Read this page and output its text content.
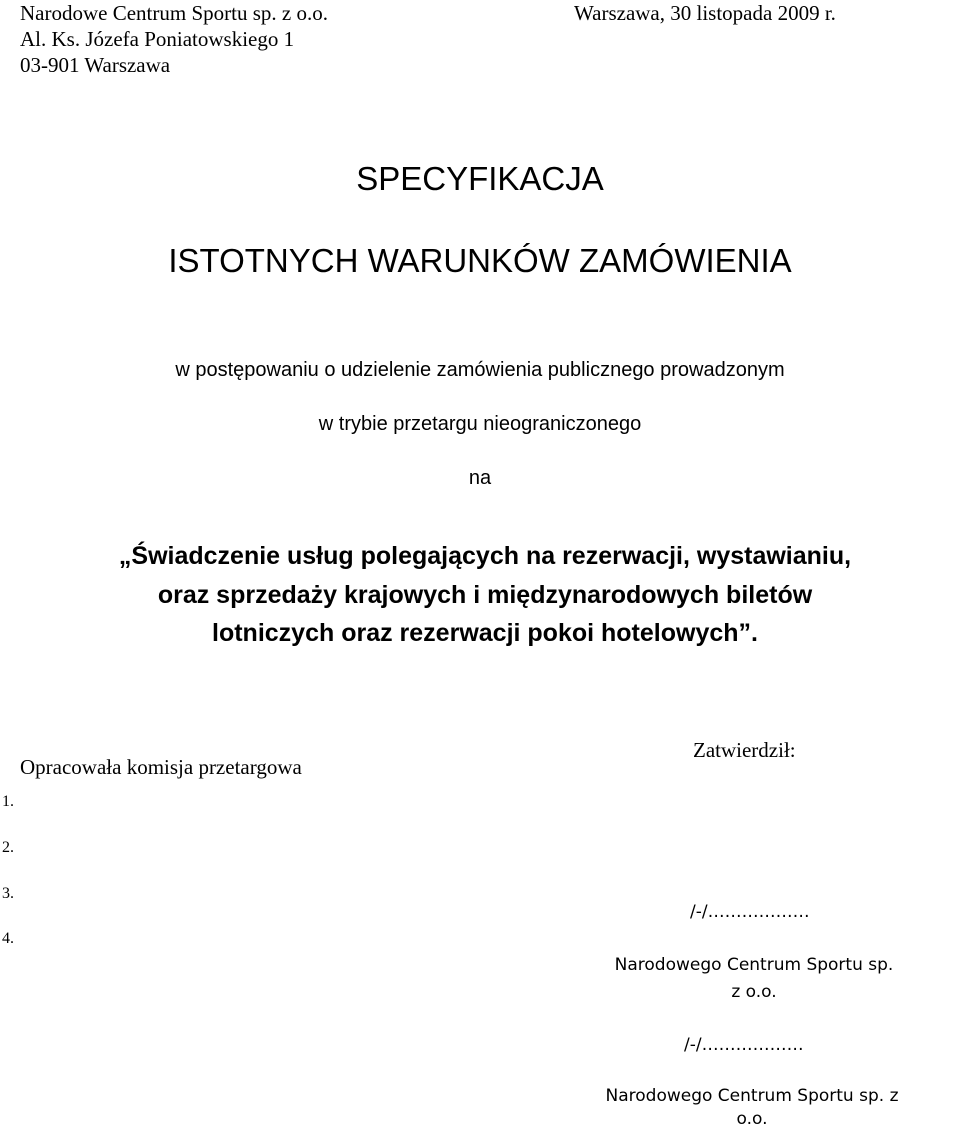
Narodowe Centrum Sportu sp. z o.o.
Al. Ks. Józefa Poniatowskiego 1
03-901 Warszawa
Warszawa, 30 listopada 2009 r.
SPECYFIKACJA
ISTOTNYCH WARUNKÓW ZAMÓWIENIA
w postępowaniu o udzielenie zamówienia publicznego prowadzonym
w trybie przetargu nieograniczonego
na
„Świadczenie usług polegających na rezerwacji, wystawianiu,
oraz sprzedaży krajowych i międzynarodowych biletów
lotniczych oraz rezerwacji pokoi hotelowych”.
Opracowała komisja przetargowa
1.
2.
3.
4.
Zatwierdził:
/-/………………
Narodowego Centrum Sportu sp.
z o.o.
/-/………………
Narodowego Centrum Sportu sp. z
o.o.
